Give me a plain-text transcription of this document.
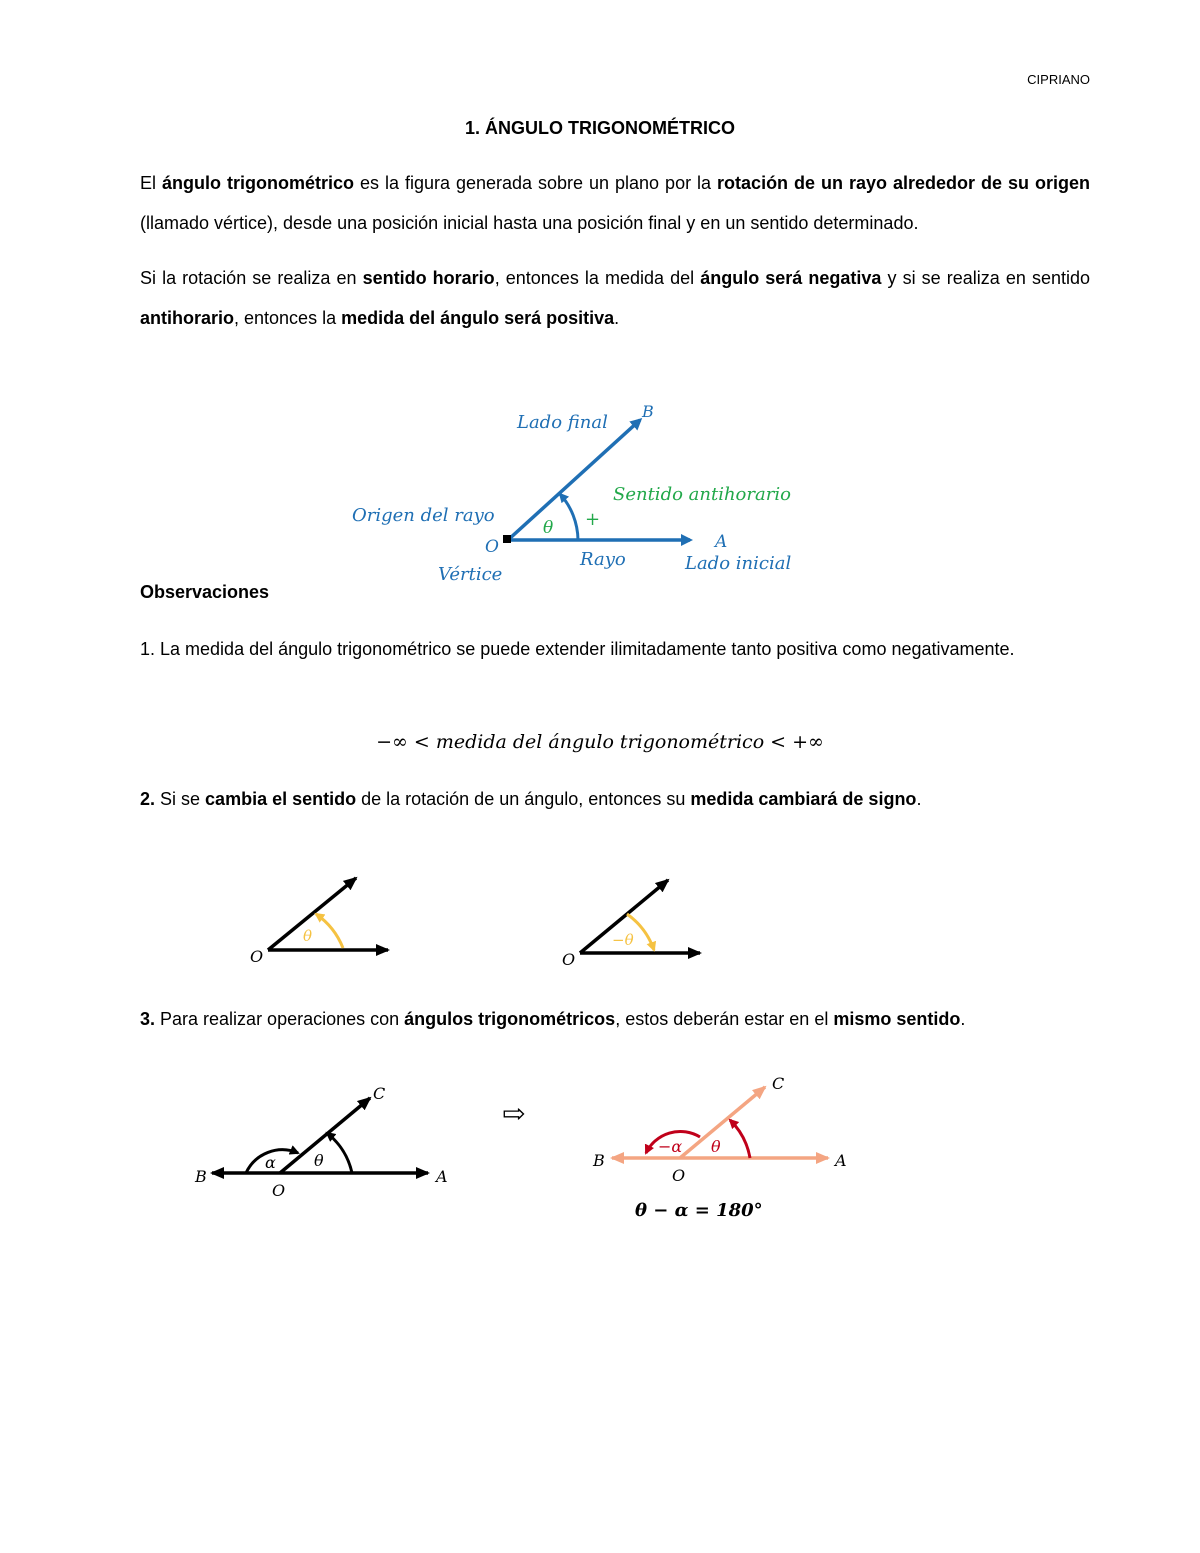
CIPRIANO
1. ÁNGULO TRIGONOMÉTRICO
El ángulo trigonométrico es la figura generada sobre un plano por la rotación de un rayo alrededor de su origen (llamado vértice), desde una posición inicial hasta una posición final y en un sentido determinado.
Si la rotación se realiza en sentido horario, entonces la medida del ángulo será negativa y si se realiza en sentido antihorario, entonces la medida del ángulo será positiva.
Lado final
B
Sentido antihorario
+
Origen del rayo
θ
O	A
Rayo	Lado inicial
Vértice
Observaciones
1. La medida del ángulo trigonométrico se puede extender ilimitadamente tanto positiva como negativamente.
−∞ < medida del ángulo trigonométrico < +∞
2. Si se cambia el sentido de la rotación de un ángulo, entonces su medida cambiará de signo.
O
θ
O
−θ
3. Para realizar operaciones con ángulos trigonométricos, estos deberán estar en el mismo sentido.
B
O
A
C
α θ
⇨
B
O
A
C
−α θ
θ − α = 180°
